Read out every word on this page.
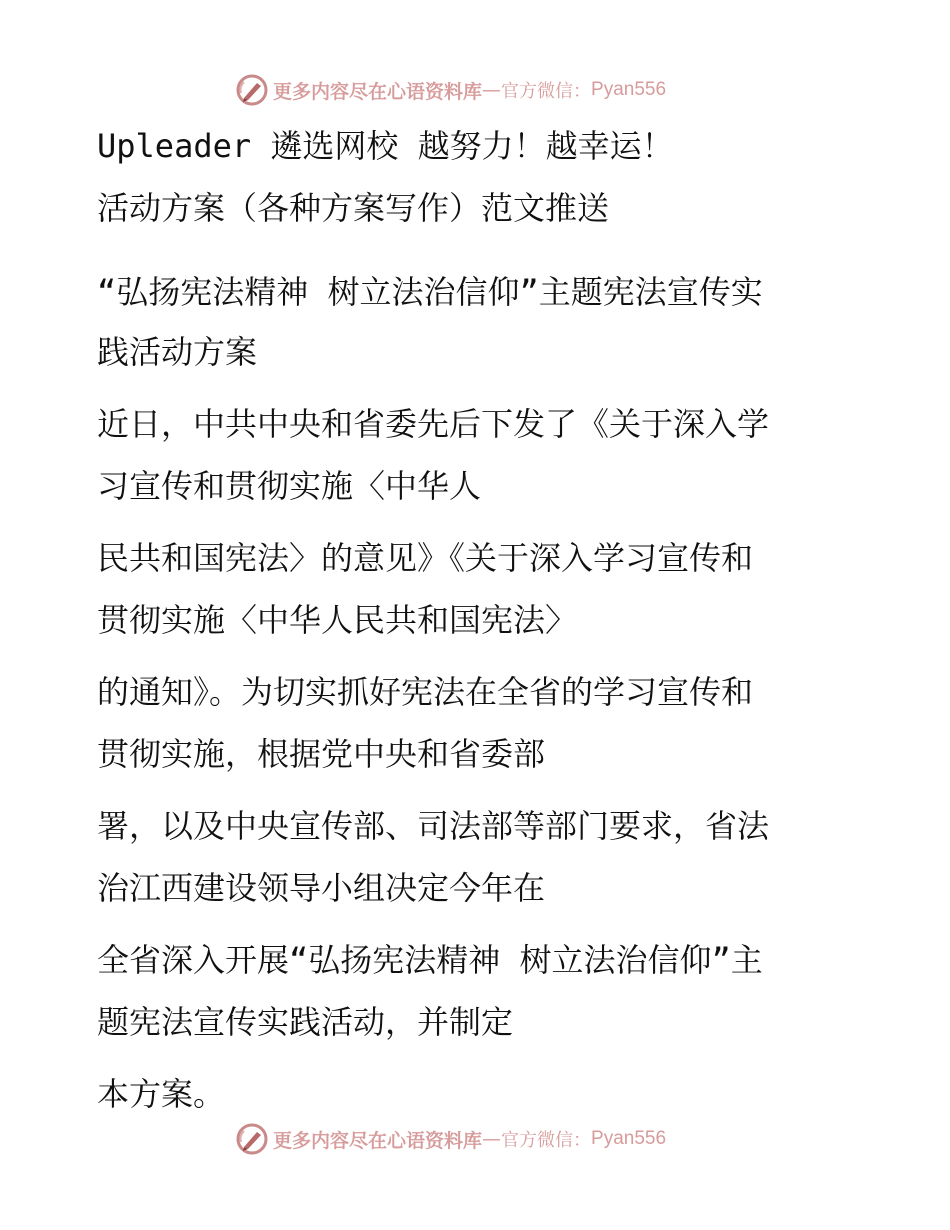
更多内容尽在心语资料库 — 官方微信： Pyan556
Upleader 遴选网校 越努力！越幸运！
活动方案（各种方案写作）范文推送
“弘扬宪法精神 树立法治信仰”主题宪法宣传实
践活动方案
近日，中共中央和省委先后下发了《关于深入学
习宣传和贯彻实施〈中华人
民共和国宪法〉的意见》《关于深入学习宣传和
贯彻实施〈中华人民共和国宪法〉
的通知》。为切实抓好宪法在全省的学习宣传和
贯彻实施，根据党中央和省委部
署，以及中央宣传部、司法部等部门要求，省法
治江西建设领导小组决定今年在
全省深入开展“弘扬宪法精神 树立法治信仰”主
题宪法宣传实践活动，并制定
本方案。
更多内容尽在心语资料库 — 官方微信： Pyan556
